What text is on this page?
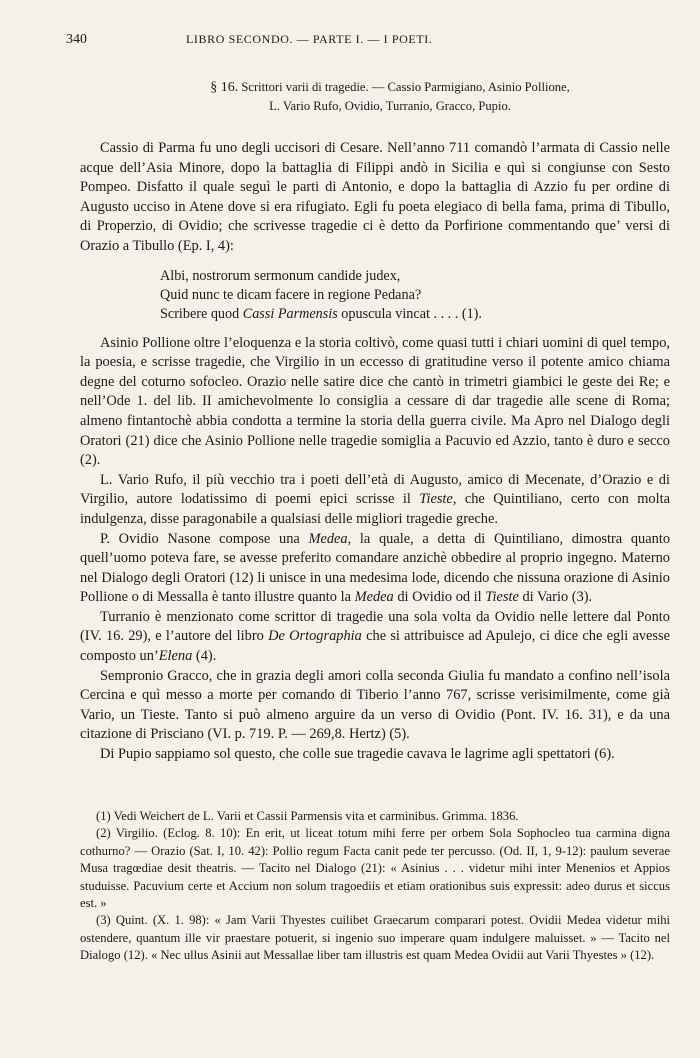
340	LIBRO SECONDO. — PARTE I. — I POETI.
§ 16. Scrittori varii di tragedie. — Cassio Parmigiano, Asinio Pollione,
L. Vario Rufo, Ovidio, Turranio, Gracco, Pupio.

Cassio di Parma fu uno degli uccisori di Cesare. Nell’anno 711 comandò l’armata di Cassio nelle acque dell’Asia Minore, dopo la battaglia di Filippi andò in Sicilia e quì si congiunse con Sesto Pompeo. Disfatto il quale seguì le parti di Antonio, e dopo la battaglia di Azzio fu per ordine di Augusto ucciso in Atene dove si era rifugiato. Egli fu poeta elegiaco di bella fama, prima di Tibullo, di Properzio, di Ovidio; che scrivesse tragedie ci è detto da Porfirione commentando que’ versi di Orazio a Tibullo (Ep. I, 4):

Albi, nostrorum sermonum candide judex,
Quid nunc te dicam facere in regione Pedana?
Scribere quod Cassi Parmensis opuscula vincat . . . . (1).

Asinio Pollione oltre l’eloquenza e la storia coltivò, come quasi tutti i chiari uomini di quel tempo, la poesia, e scrisse tragedie, che Virgilio in un eccesso di gratitudine verso il potente amico chiama degne del coturno sofocleo. Orazio nelle satire dice che cantò in trimetri giambici le geste dei Re; e nell’Ode 1. del lib. II amichevolmente lo consiglia a cessare di dar tragedie alle scene di Roma; almeno fintantochè abbia condotta a termine la storia della guerra civile. Ma Apro nel Dialogo degli Oratori (21) dice che Asinio Pollione nelle tragedie somiglia a Pacuvio ed Azzio, tanto è duro e secco (2).

L. Vario Rufo, il più vecchio tra i poeti dell’età di Augusto, amico di Mecenate, d’Orazio e di Virgilio, autore lodatissimo di poemi epici scrisse il Tieste, che Quintiliano, certo con molta indulgenza, disse paragonabile a qualsiasi delle migliori tragedie greche.

P. Ovidio Nasone compose una Medea, la quale, a detta di Quintiliano, dimostra quanto quell’uomo poteva fare, se avesse preferito comandare anzichè obbedire al proprio ingegno. Materno nel Dialogo degli Oratori (12) li unisce in una medesima lode, dicendo che nissuna orazione di Asinio Pollione o di Messalla è tanto illustre quanto la Medea di Ovidio od il Tieste di Vario (3).

Turranio è menzionato come scrittor di tragedie una sola volta da Ovidio nelle lettere dal Ponto (IV. 16. 29), e l’autore del libro De Ortographia che si attribuisce ad Apulejo, ci dice che egli avesse composto un’Elena (4).

Sempronio Gracco, che in grazia degli amori colla seconda Giulia fu mandato a confino nell’isola Cercina e quì messo a morte per comando di Tiberio l’anno 767, scrisse verisimilmente, come già Vario, un Tieste. Tanto si può almeno arguire da un verso di Ovidio (Pont. IV. 16. 31), e da una citazione di Prisciano (VI. p. 719. P. — 269,8. Hertz) (5).

Di Pupio sappiamo sol questo, che colle sue tragedie cavava le lagrime agli spettatori (6).

(1) Vedi Weichert de L. Varii et Cassii Parmensis vita et carminibus. Grimma. 1836.

(2) Virgilio. (Eclog. 8. 10): En erit, ut liceat totum mihi ferre per orbem Sola Sophocleo tua carmina digna cothurno? — Orazio (Sat. I, 10. 42): Pollio regum Facta canit pede ter percusso. (Od. II, 1, 9-12): paulum severae Musa tragœdiae desit theatris. — Tacito nel Dialogo (21): « Asinius . . . videtur mihi inter Menenios et Appios studuisse. Pacuvium certe et Accium non solum tragoediis et etiam orationibus suis expressit: adeo durus et siccus est. »

(3) Quint. (X. 1. 98): « Jam Varii Thyestes cuilibet Graecarum comparari potest. Ovidii Medea videtur mihi ostendere, quantum ille vir praestare potuerit, si ingenio suo imperare quam indulgere maluisset. » — Tacito nel Dialogo (12). « Nec ullus Asinii aut Messallae liber tam illustris est quam Medea Ovidii aut Varii Thyestes » (12).
